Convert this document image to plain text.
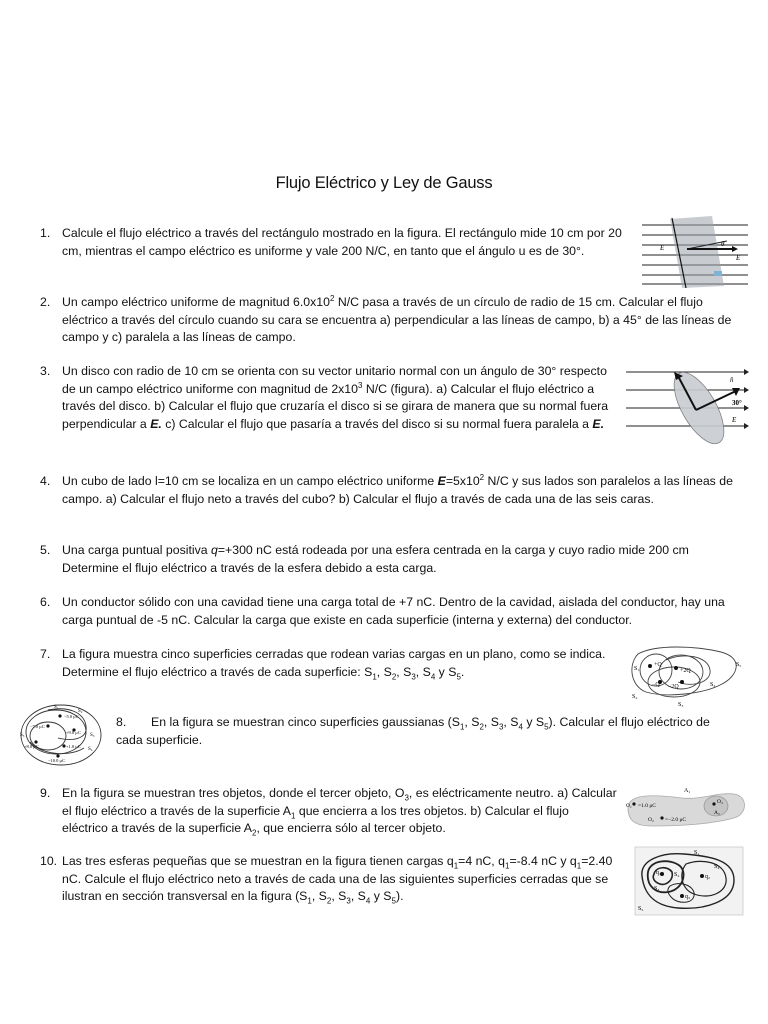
Flujo Eléctrico y Ley de Gauss
1. Calcule el flujo eléctrico a través del rectángulo mostrado en la figura. El rectángulo mide 10 cm por 20 cm, mientras el campo eléctrico es uniforme y vale 200 N/C, en tanto que el ángulo u es de 30°.	E	θ
E
2. Un campo eléctrico uniforme de magnitud $6.0x10^2$ N/C pasa a través de un círculo de radio de 15 cm. Calcular el flujo eléctrico a través del círculo cuando su cara se encuentra a) perpendicular a las líneas de campo, b) a 45° de las líneas de campo y c) paralela a las líneas de campo.
3. Un disco con radio de 10 cm se orienta con su vector unitario normal con un ángulo de 30° respecto de un campo eléctrico uniforme con magnitud de $2x10^3$ N/C (figura). a) Calcular el flujo eléctrico a través del disco. b) Calcular el flujo que cruzaría el disco si se girara de manera que su normal fuera perpendicular a E. c) Calcular el flujo que pasaría a través del disco si su normal fuera paralela a E.
n̂
30°
E
4. Un cubo de lado l=10 cm se localiza en un campo eléctrico uniforme $E=5x10^2$ N/C y sus lados son paralelos a las líneas de campo. a) Calcular el flujo neto a través del cubo? b) Calcular el flujo a través de cada una de las seis caras.
5. Una carga puntual positiva q=+300 nC está rodeada por una esfera centrada en la carga y cuyo radio mide 200 cm Determine el flujo eléctrico a través de la esfera debido a esta carga.
6. Un conductor sólido con una cavidad tiene una carga total de +7 nC. Dentro de la cavidad, aislada del conductor, hay una carga puntual de -5 nC. Calcular la carga que existe en cada superficie (interna y externa) del conductor.
7. La figura muestra cinco superficies cerradas que rodean varias cargas en un plano, como se indica. Determine el flujo eléctrico a través de cada superficie: $S_1$, $S_2$, $S_3$, $S_4$ y $S_5$.	S₅
S₁
S₂
S₃
S₄
+2Q
+Q
−2Q
−Q
S₁
S₂
S₃
S₄
S₅
−5.0 μC
−7.0 μC
+9.0 μC
+8.0 μC	+1.0 μC
−10.0 μC
8.	En la figura se muestran cinco superficies gaussianas ($S_1$, $S_2$, $S_3$, $S_4$ y $S_5$). Calcular el flujo eléctrico de cada superficie.
9. En la figura se muestran tres objetos, donde el tercer objeto, $O_3$, es eléctricamente neutro. a) Calcular el flujo eléctrico a través de la superficie $A_1$ que encierra a los tres objetos. b) Calcular el flujo eléctrico a través de la superficie $A_2$, que encierra sólo al tercer objeto.
A₁
O₁ =1.0 μC
O₃
A₂
O₂ =−2.0 μC
10. Las tres esferas pequeñas que se muestran en la figura tienen cargas $q_1=4$ nC, $q_1=-8.4$ nC y $q_1=2.40$ nC. Calcule el flujo eléctrico neto a través de cada una de las siguientes superficies cerradas que se ilustran en sección transversal en la figura ($S_1$, $S_2$, $S_3$, $S_4$ y $S_5$).
S₁
S₂
S₃
S₄
S₅
q₁
q₂
q₃
